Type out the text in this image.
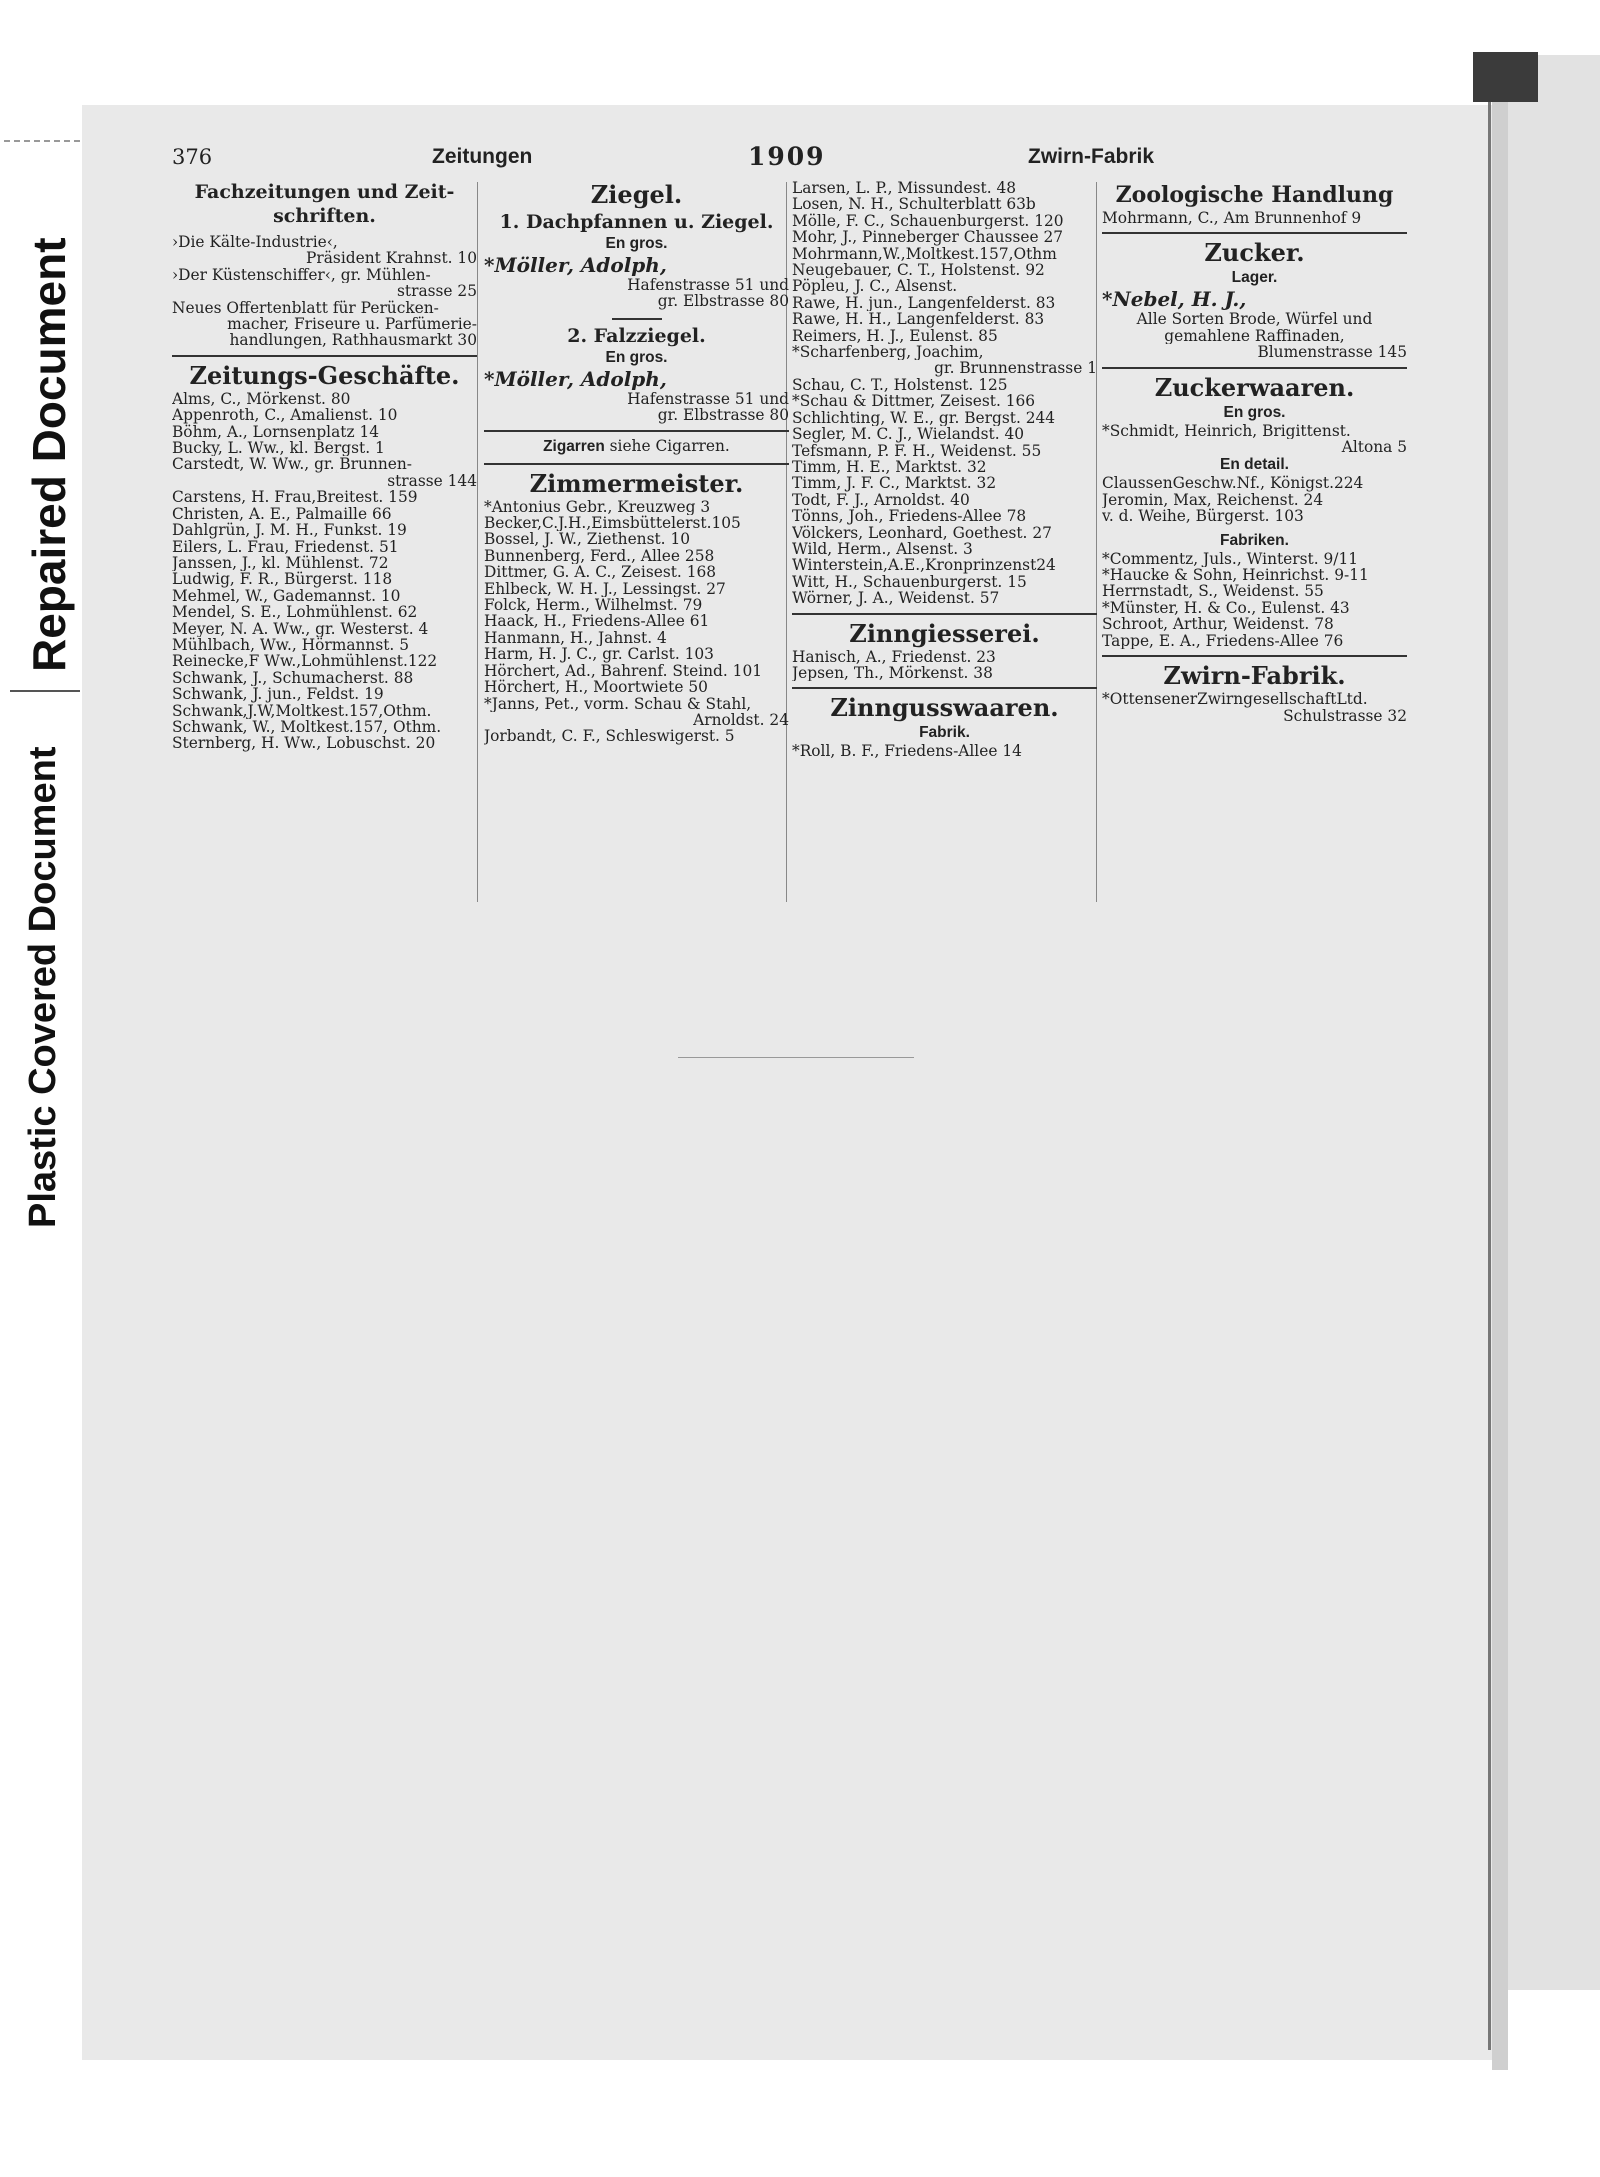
Repaired Document
Plastic Covered Document
376	Zeitungen	1909	Zwirn-Fabrik
Fachzeitungen und Zeit-
schriften.
›Die Kälte-Industrie‹,
Präsident Krahnst. 10
›Der Küstenschiffer‹, gr. Mühlen-
strasse 25
Neues Offertenblatt für Perücken-
macher, Friseure u. Parfümerie-
handlungen, Rathhausmarkt 30
Zeitungs-Geschäfte.
Alms, C., Mörkenst. 80
Appenroth, C., Amalienst. 10
Böhm, A., Lornsenplatz 14
Bucky, L. Ww., kl. Bergst. 1
Carstedt, W. Ww., gr. Brunnen-
strasse 144
Carstens, H. Frau,Breitest. 159
Christen, A. E., Palmaille 66
Dahlgrün, J. M. H., Funkst. 19
Eilers, L. Frau, Friedenst. 51
Janssen, J., kl. Mühlenst. 72
Ludwig, F. R., Bürgerst. 118
Mehmel, W., Gademannst. 10
Mendel, S. E., Lohmühlenst. 62
Meyer, N. A. Ww., gr. Westerst. 4
Mühlbach, Ww., Hörmannst. 5
Reinecke,F Ww.,Lohmühlenst.122
Schwank, J., Schumacherst. 88
Schwank, J. jun., Feldst. 19
Schwank,J.W,Moltkest.157,Othm.
Schwank, W., Moltkest.157, Othm.
Sternberg, H. Ww., Lobuschst. 20
Ziegel.
1. Dachpfannen u. Ziegel.
En gros.
*Möller, Adolph,
Hafenstrasse 51 und
gr. Elbstrasse 80
2. Falzziegel.
En gros.
*Möller, Adolph,
Hafenstrasse 51 und
gr. Elbstrasse 80
Zigarren siehe Cigarren.
Zimmermeister.
*Antonius Gebr., Kreuzweg 3
Becker,C.J.H.,Eimsbüttelerst.105
Bossel, J. W., Ziethenst. 10
Bunnenberg, Ferd., Allee 258
Dittmer, G. A. C., Zeisest. 168
Ehlbeck, W. H. J., Lessingst. 27
Folck, Herm., Wilhelmst. 79
Haack, H., Friedens-Allee 61
Hanmann, H., Jahnst. 4
Harm, H. J. C., gr. Carlst. 103
Hörchert, Ad., Bahrenf. Steind. 101
Hörchert, H., Moortwiete 50
*Janns, Pet., vorm. Schau & Stahl,
Arnoldst. 24
Jorbandt, C. F., Schleswigerst. 5
Larsen, L. P., Missundest. 48
Losen, N. H., Schulterblatt 63b
Mölle, F. C., Schauenburgerst. 120
Mohr, J., Pinneberger Chaussee 27
Mohrmann,W.,Moltkest.157,Othm
Neugebauer, C. T., Holstenst. 92
Pöpleu, J. C., Alsenst.
Rawe, H. jun., Langenfelderst. 83
Rawe, H. H., Langenfelderst. 83
Reimers, H. J., Eulenst. 85
*Scharfenberg, Joachim,
gr. Brunnenstrasse 1
Schau, C. T., Holstenst. 125
*Schau & Dittmer, Zeisest. 166
Schlichting, W. E., gr. Bergst. 244
Segler, M. C. J., Wielandst. 40
Tefsmann, P. F. H., Weidenst. 55
Timm, H. E., Marktst. 32
Timm, J. F. C., Marktst. 32
Todt, F. J., Arnoldst. 40
Tönns, Joh., Friedens-Allee 78
Völckers, Leonhard, Goethest. 27
Wild, Herm., Alsenst. 3
Winterstein,A.E.,Kronprinzenst24
Witt, H., Schauenburgerst. 15
Wörner, J. A., Weidenst. 57
Zinngiesserei.
Hanisch, A., Friedenst. 23
Jepsen, Th., Mörkenst. 38
Zinngusswaaren.
Fabrik.
*Roll, B. F., Friedens-Allee 14
Zoologische Handlung
Mohrmann, C., Am Brunnenhof 9
Zucker.
Lager.
*Nebel, H. J.,
Alle Sorten Brode, Würfel und
gemahlene Raffinaden,
Blumenstrasse 145
Zuckerwaaren.
En gros.
*Schmidt, Heinrich, Brigittenst.
Altona 5
En detail.
ClaussenGeschw.Nf., Königst.224
Jeromin, Max, Reichenst. 24
v. d. Weihe, Bürgerst. 103
Fabriken.
*Commentz, Juls., Winterst. 9/11
*Haucke & Sohn, Heinrichst. 9-11
Herrnstadt, S., Weidenst. 55
*Münster, H. & Co., Eulenst. 43
Schroot, Arthur, Weidenst. 78
Tappe, E. A., Friedens-Allee 76
Zwirn-Fabrik.
*OttensenerZwirngesellschaftLtd.
Schulstrasse 32
